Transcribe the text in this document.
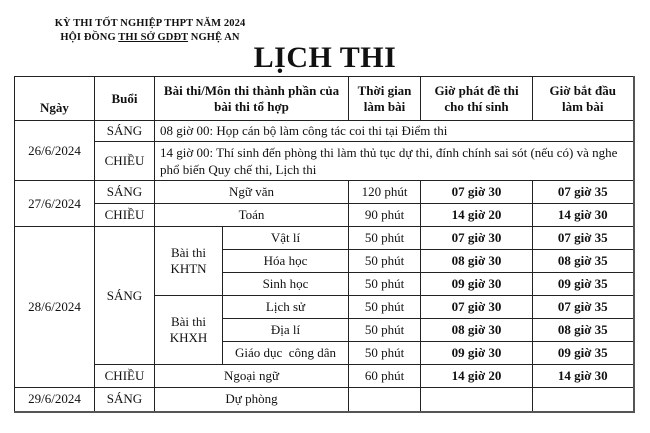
KỲ THI TỐT NGHIỆP THPT NĂM 2024
HỘI ĐỒNG THI SỞ GDĐT NGHỆ AN
LỊCH THI
Ngày	Buổi	Bài thi/Môn thi thành phần của bài thi tổ hợp		Thời gian làm bài	Giờ phát đề thi cho thí sinh	Giờ bắt đầu làm bài
26/6/2024	SÁNG	08 giờ 00: Họp cán bộ làm công tác coi thi tại Điểm thi				
	CHIỀU	14 giờ 00: Thí sinh đến phòng thi làm thủ tục dự thi, đính chính sai sót (nếu có) và nghe phổ biến Quy chế thi, Lịch thi				
27/6/2024	SÁNG	Ngữ văn		120 phút	07 giờ 30	07 giờ 35
	CHIỀU	Toán		90 phút	14 giờ 20	14 giờ 30
28/6/2024	SÁNG	Bài thi KHTN	Vật lí	50 phút	07 giờ 30	07 giờ 35
			Hóa học	50 phút	08 giờ 30	08 giờ 35
			Sinh học	50 phút	09 giờ 30	09 giờ 35
		Bài thi KHXH	Lịch sử	50 phút	07 giờ 30	07 giờ 35
			Địa lí	50 phút	08 giờ 30	08 giờ 35
			Giáo dục  công dân	50 phút	09 giờ 30	09 giờ 35
	CHIỀU	Ngoại ngữ		60 phút	14 giờ 20	14 giờ 30
29/6/2024	SÁNG	Dự phòng				
